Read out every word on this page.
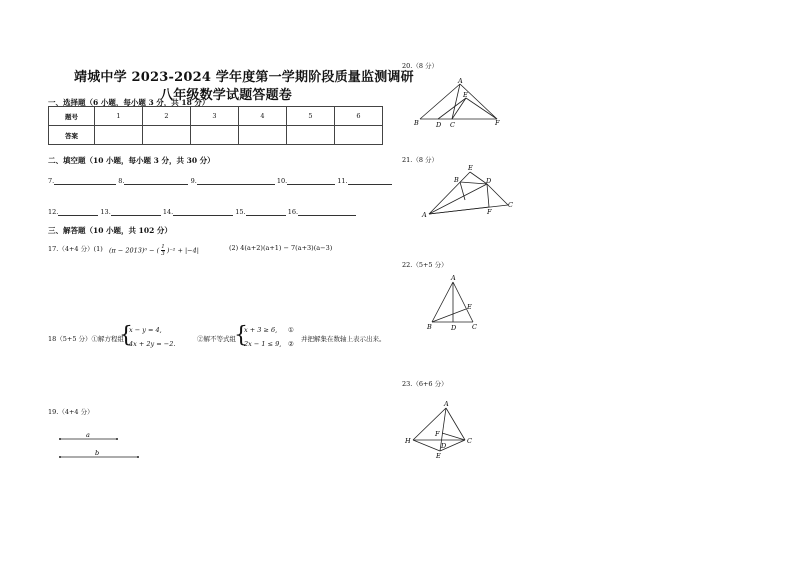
靖城中学 2023-2024 学年度第一学期阶段质量监测调研
八年级数学试题答题卷
一、选择题（6 小题，每小题 3 分，共 18 分）
题号	1	2	3	4	5	6
答案						
二、填空题（10 小题，每小题 3 分，共 30 分）
7.	8.	9.	10.	11.
12.	13.	14.	15.	16.
三、解答题（10 小题，共 102 分）
17.（4+4 分）(1) (π − 2013)⁰ − ( $\frac{1}{3} )^{-2} + |-4|$	(2) 4(a+2)(a+1) − 7(a+3)(a−3)
18（5+5 分）①解方程组：
{
x − y = 4,
4x + 2y = −2.
②解不等式组
{
x + 3 ≥ 6,
2x − 1 ≤ 9,
①
②
并把解集在数轴上表示出来。
19.（4+4 分）
a
b
20.（8 分）
21.（8 分）
22.（5+5 分）
23.（6+6 分）
A
E
B	D C	F
E
B	D
A	F
C
A
E
B	D C
A
H
F
D
C
E
